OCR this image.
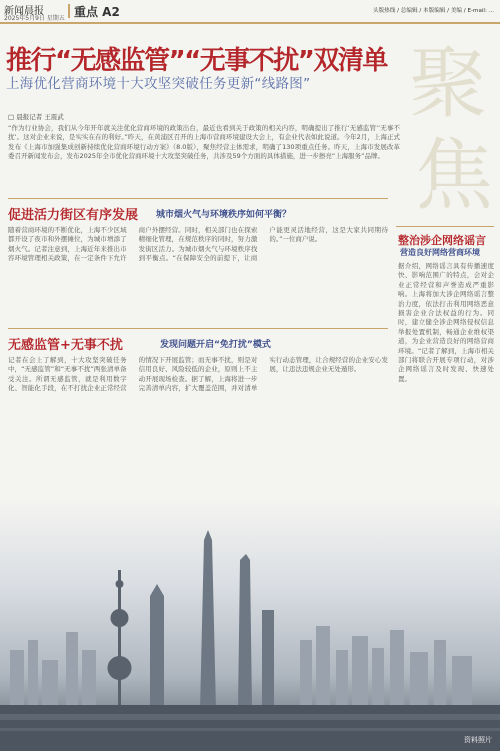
新闻晨报
2025年5月9日 星期五 重点 A2	头版热线 / 总编辑 / 本版编辑 / 美编 / E-mail: ...
推行“无感监管”“无事不扰”双清单
上海优化营商环境十大攻坚突破任务更新“线路图” 聚
焦
□ 晨报记者 王震武

“作为行业协会，我们从今年开年就关注优化营商环境的政策出台，最近也看到关于政策的相关内容，明确提出了推行‘无感监管’‘无事不扰’。这对企业来说，是实实在在的利好。”昨天，在黄浦区召开的上海市营商环境建设大会上，有企业代表如此说道。今年2月，上海正式发布《上海市加强集成创新持续优化营商环境行动方案》（8.0版），聚焦经营主体需求，明确了130项重点任务。昨天，上海市发展改革委召开新闻发布会，发布2025年全市优化营商环境十大攻坚突破任务，共涉及59个方面的具体措施，进一步擦亮“上海服务”品牌。

促进活力街区有序发展 城市烟火气与环境秩序如何平衡？

随着营商环境的不断优化，上海不少区域都开设了夜市和外摆摊位，为城市增添了烟火气。记者注意到，上海近年来推出市容环境管理相关政策，在一定条件下允许商户外摆经营。同时，相关部门也在探索精细化管理，在规范秩序的同时，努力激发街区活力。为城市烟火气与环境秩序找到平衡点。“在保障安全的前提下，让商户能更灵活地经营，这是大家共同期待的。”一位商户说。

无感监管+无事不扰	发现问题开启“免打扰”模式

记者在会上了解到，十大攻坚突破任务中，“无感监管”和“无事不扰”两张清单备受关注。所谓无感监管，就是利用数字化、智能化手段，在不打扰企业正常经营的情况下开展监管；而无事不扰，则是对信用良好、风险较低的企业，原则上不主动开展现场检查。据了解，上海将进一步完善清单内容，扩大覆盖范围，并对清单实行动态管理，让合规经营的企业安心发展，让违法违规企业无处遁形。

整治涉企网络谣言
营造良好网络营商环境

据介绍，网络谣言具有传播速度快、影响范围广的特点，会对企业正常经营和声誉造成严重影响。上海将加大涉企网络谣言整治力度，依法打击利用网络恶意损害企业合法权益的行为。同时，建立健全涉企网络侵权信息举报处置机制，畅通企业维权渠道，为企业营造良好的网络营商环境。“记者了解到，上海市相关部门将联合开展专项行动，对涉企网络谣言及时发现、快速处置。

资料照片
